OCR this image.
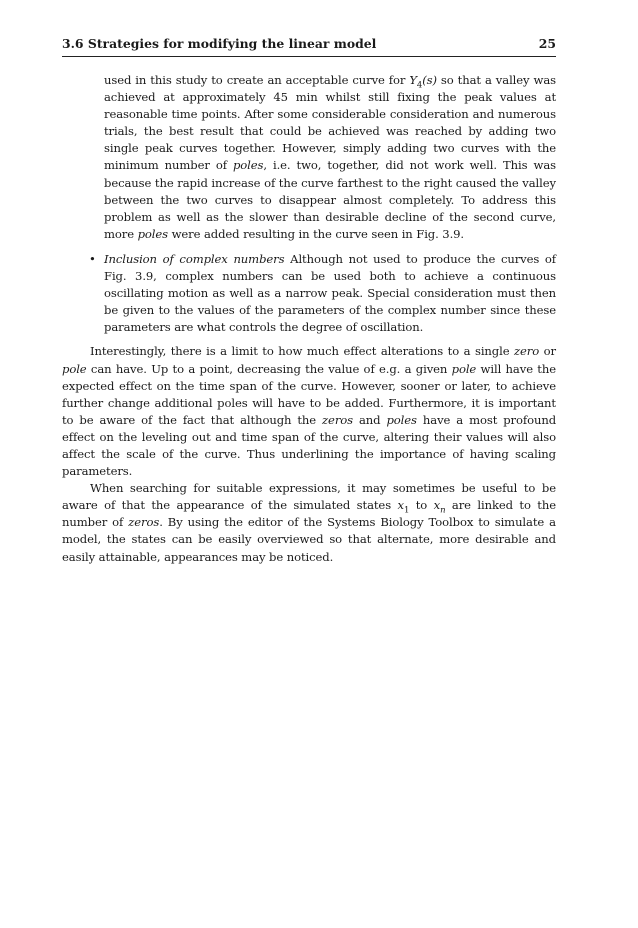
3.6 Strategies for modifying the linear model	25

used in this study to create an acceptable curve for $Y_4(s)$ so that a valley was achieved at approximately 45 min whilst still fixing the peak values at reasonable time points. After some considerable consideration and numerous trials, the best result that could be achieved was reached by adding two single peak curves together. However, simply adding two curves with the minimum number of poles, i.e. two, together, did not work well. This was because the rapid increase of the curve farthest to the right caused the valley between the two curves to disappear almost completely. To address this problem as well as the slower than desirable decline of the second curve, more poles were added resulting in the curve seen in Fig. 3.9.

• Inclusion of complex numbers Although not used to produce the curves of Fig. 3.9, complex numbers can be used both to achieve a continuous oscillating motion as well as a narrow peak. Special consideration must then be given to the values of the parameters of the complex number since these parameters are what controls the degree of oscillation.

Interestingly, there is a limit to how much effect alterations to a single zero or pole can have. Up to a point, decreasing the value of e.g. a given pole will have the expected effect on the time span of the curve. However, sooner or later, to achieve further change additional poles will have to be added. Furthermore, it is important to be aware of the fact that although the zeros and poles have a most profound effect on the leveling out and time span of the curve, altering their values will also affect the scale of the curve. Thus underlining the importance of having scaling parameters.

When searching for suitable expressions, it may sometimes be useful to be aware of that the appearance of the simulated states $x_1$ to $x_n$ are linked to the number of zeros. By using the editor of the Systems Biology Toolbox to simulate a model, the states can be easily overviewed so that alternate, more desirable and easily attainable, appearances may be noticed.
